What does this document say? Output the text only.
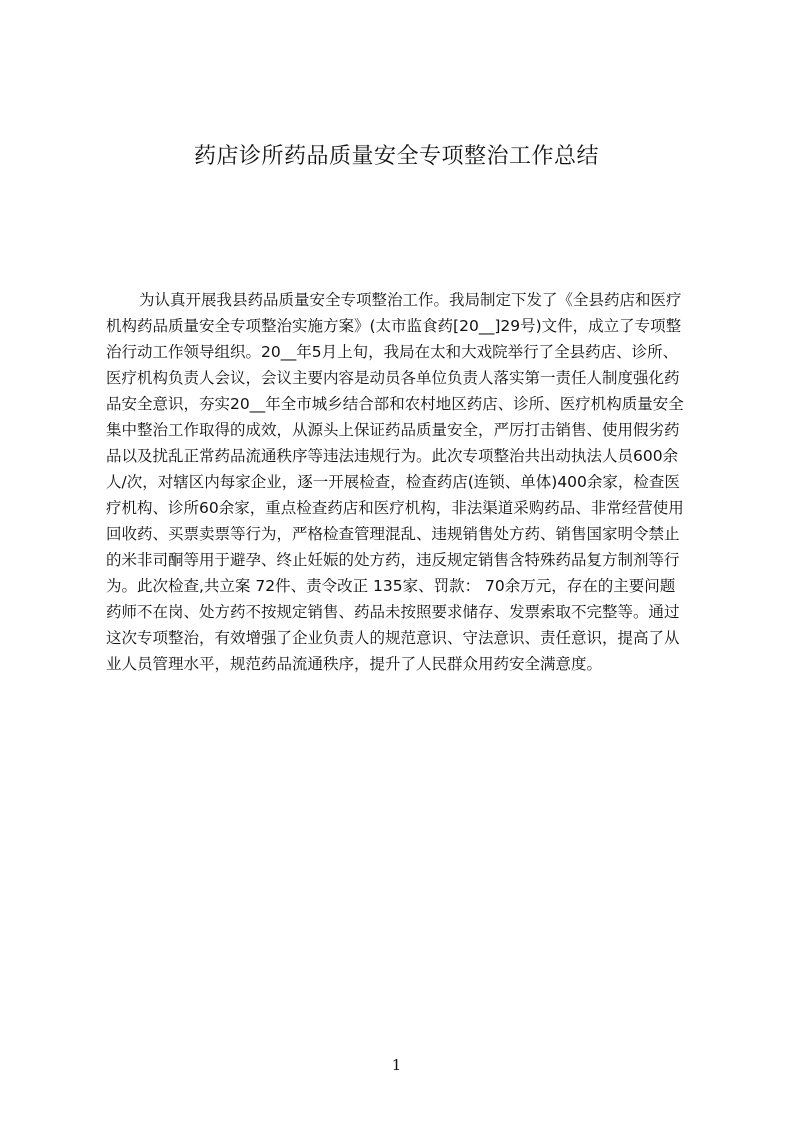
药店诊所药品质量安全专项整治工作总结
为认真开展我县药品质量安全专项整治工作。我局制定下发了《全县药店和医疗
机构药品质量安全专项整治实施方案》(太市监食药[20__]29号)文件，成立了专项整
治行动工作领导组织。20__年5月上旬，我局在太和大戏院举行了全县药店、诊所、
医疗机构负责人会议，会议主要内容是动员各单位负责人落实第一责任人制度强化药
品安全意识，夯实20__年全市城乡结合部和农村地区药店、诊所、医疗机构质量安全
集中整治工作取得的成效，从源头上保证药品质量安全，严厉打击销售、使用假劣药
品以及扰乱正常药品流通秩序等违法违规行为。此次专项整治共出动执法人员600余
人/次，对辖区内每家企业，逐一开展检查，检查药店(连锁、单体)400余家，检查医
疗机构、诊所60余家，重点检查药店和医疗机构，非法渠道采购药品、非常经营使用
回收药、买票卖票等行为，严格检查管理混乱、违规销售处方药、销售国家明令禁止
的米非司酮等用于避孕、终止妊娠的处方药，违反规定销售含特殊药品复方制剂等行
为。此次检查,共立案 72件、责令改正 135家、罚款： 70余万元，存在的主要问题
药师不在岗、处方药不按规定销售、药品未按照要求储存、发票索取不完整等。通过
这次专项整治，有效增强了企业负责人的规范意识、守法意识、责任意识，提高了从
业人员管理水平，规范药品流通秩序，提升了人民群众用药安全满意度。
1
